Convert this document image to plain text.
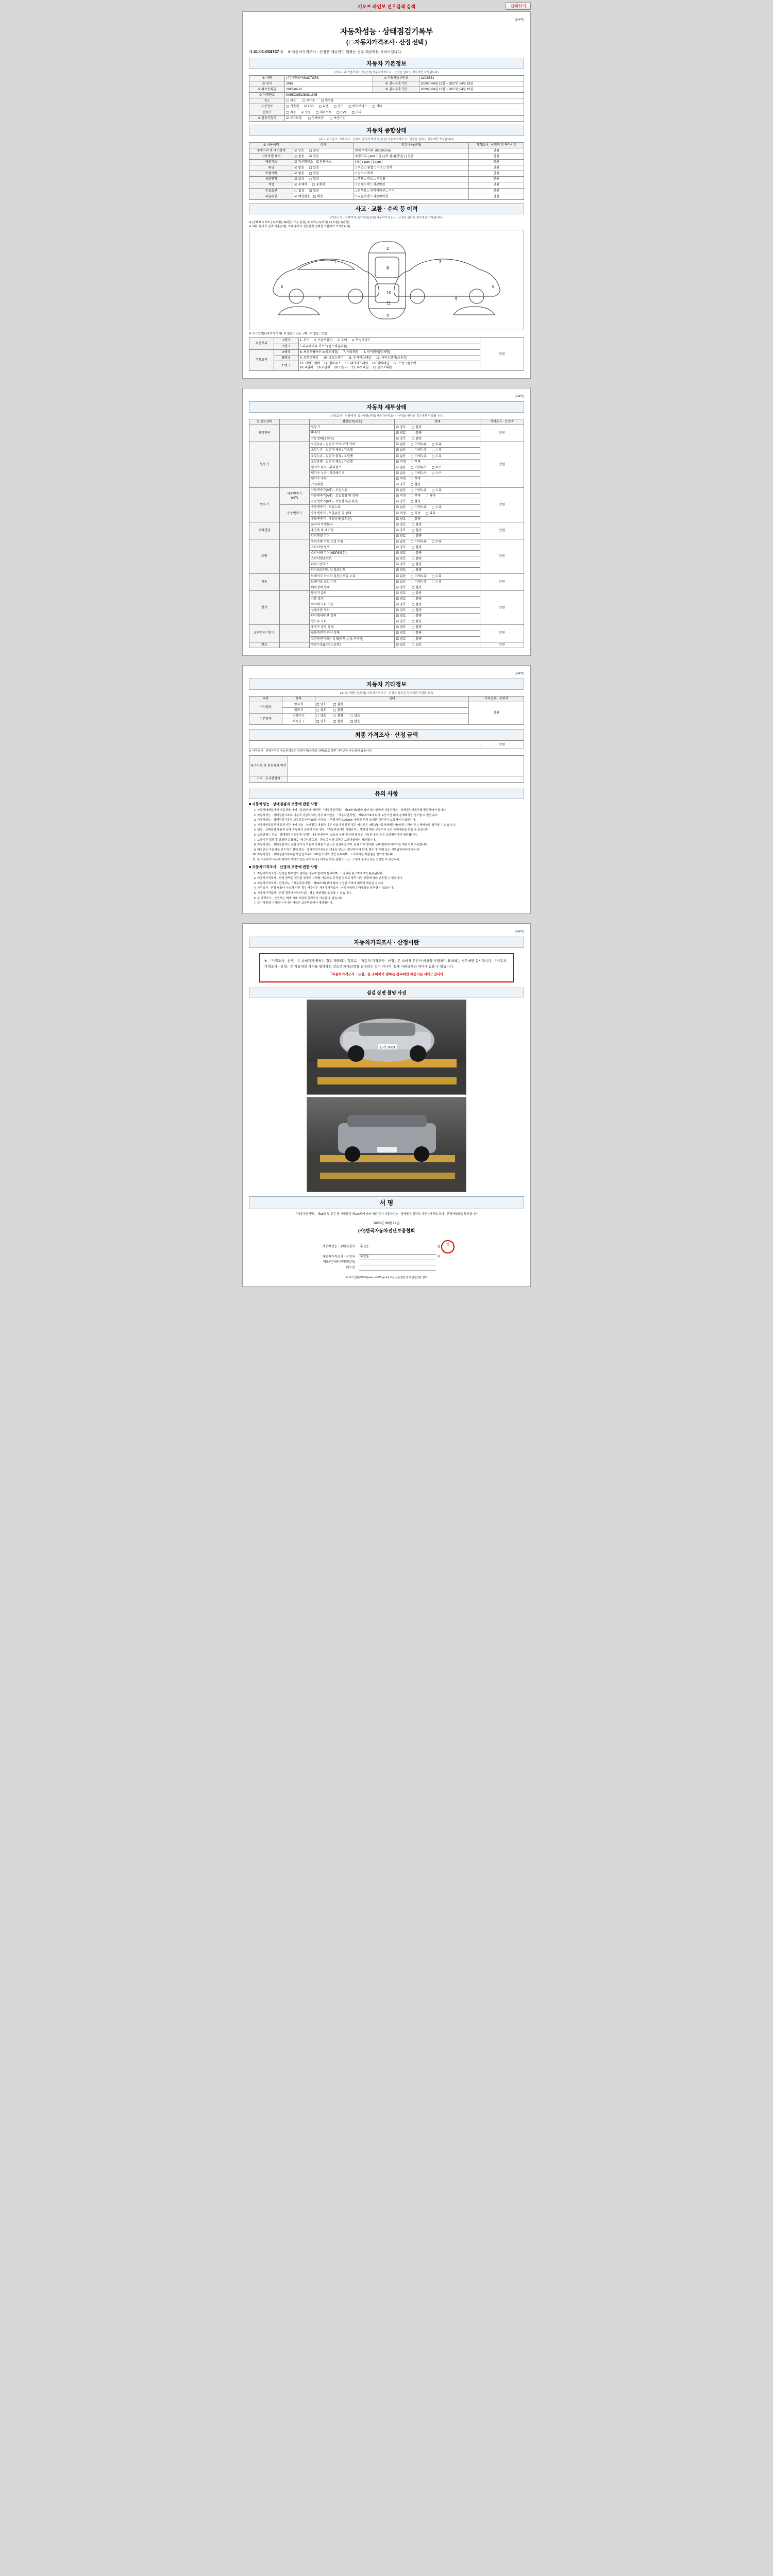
키오브 파인보 전우검색 검색	인쇄하기
(1/4쪽)
자동차성능 · 상태점검기록부
( □ 자동차가격조사 · 산정 선택 )
제 41-01-034747 호 ※ 자동차가격조사 · 산정은 매수인이 원하는 경우 제공하는 서비스입니다.
자동차 기본정보
(기록고와 기본가치표 등(산정) 자동차가격조사 · 산정을 원하신 경우에만 작성됩니다)
① 차명	(주)대한모터SMOTORS	② 자동차등록번호	11호98S1
③ 연식	2016	④ 검사유효기간	2020년 04월 13일 ~ 2027년 04월 13일
⑤ 최초등록일	2015-04-12	⑥ 검사유효기간	2020년 04월 13일 ~ 2027년 04월 13일
⑦ 차대번호	KMHXX851J8GU1945		
용도	□ 관용 □ 자가용 □ 영업용		
사용연료	□ 가솔린 ☑ LPG □ 디젤 □ 전기 □ 하이브리드 □ 기타		
변속기	□ 자동 ☑ 수동 □ 세미오토 □ CVT □ 기타		
⑩ 원동기형식	☑ 자가보증 □ 업체보증 □ 보증기간		
자동차 종합상태
(주요 주요골조, 기록고사 · 산정적 및 특가세당 등(산정) 자동차가격조사 · 산정을 원하신 경우에만 작성됩니다)
① 사용이력	상태	점검내용(상태)	가격조사 · 산정액 및 특가시선
주행거리 및 계기상태	☑ 양호 □ 불량	현재 주행거리 203,502 km	만원
자동주행 표시	□ 없음 ☑ 있음	주행거리 ( )km 미만 ( )회 검사(진단) ( ) 있음	만원
배출가스	☑ 일산화탄소 ☑ 탄화수소	( % ) ( ppm ) ( ppm )	만원
튜닝	☑ 없음 □ 있음	□ 적법 □ 불법 □ 구조 □ 장치	만원
특별이력	☑ 없음 □ 있음	□ 침수 □ 화재	만원
용도변경	☑ 없음 □ 있음	□ 렌트 □ 리스 □ 영업용	만원
색상	☑ 무채색 □ 유채색	□ 전체도색 □ 색상변경	만원
주요옵션	□ 없음 ☑ 있음	□ 썬루프 □ 내비게이션 □ 기타	만원
리콜대상	☑ 해당없음 □ 해당	□ 리콜이행 □ 리콜미이행	만원
사고 · 교환 · 수리 등 이력
(기록고사 · 산정액 및 특가세당(산정) 자동차가격조사 · 산정을 원하신 경우에만 작성됩니다)
※ (상태표시 부호 ) X(교환), W(판금 또는 용접), A(수리), C(부식), U(요철), T(손상)
※ 외판 및 주요 골격 기준(교환, 기타 추락시 성능판정 전체를 포함하여 표시합니다)
1
2
3
4
5	6
7
8
9
10
11
※ 사고이력(판정자의 사정): ☑ 없음 □ 있음 교환 : ☑ 없음 □ 있음
외판부위	1랭크	1. 후드 2. 프론트휀더 3. 도어 4. 트렁크리드	만원
	2랭크	5.라디에이터 서포트(볼트체결부품)	
주요골격	A랭크	6. 프론트휠하우스(볼트체결) 7. 카울패널 8. 리어휀더(일체형)	
	B랭크	9. 프론트패널 10. 크로스멤버 11. 인사이드패널 12. 사이드멤버(프론트)	
	C랭크	13. 사이드멤버 14. 휠하우스 15. 패키지트레이 16. 리어패널 17. 트렁크플로어
18. A필러 19. B필러 20. C필러 21. 루프패널 22. 플로어패널	
(2/4쪽)
자동차 세부상태
(기록고사 · 산정액 및 특가세당(산정) 자동차가격조사 · 산정을 원하신 경우에만 작성됩니다)
② 성능상태		점검항목(내용)	상태	가격조사 · 산정액
자기진단		원동기	☑ 양호 □ 불량	만원
		변속기	☑ 양호 □ 불량	
		작동상태(공회전)	☑ 양호 □ 불량	
원동기		오일누유 - 실린더 커버/로커 커버	☑ 없음 □ 미세누유 □ 누유	만원
		오일누유 - 실린더 헤드 / 가스켓	☑ 없음 □ 미세누유 □ 누유	
		오일누유 - 실린더 블록 / 오일팬	☑ 없음 □ 미세누유 □ 누유	
		오일유량 - 실린더 헤드 / 가스켓	☑ 적정 □ 부족	
		냉각수 누수 - 워터펌프	☑ 없음 □ 미세누수 □ 누수	
		냉각수 누수 - 라디에이터	☑ 없음 □ 미세누수 □ 누수	
		냉각수 수량	☑ 적정 □ 부족	
		커먼레일	☑ 양호 □ 불량	
변속기	자동변속기
(A/T)	자동변속기(A/T) - 오일누유	☑ 없음 □ 미세누유 □ 누유	만원
		자동변속기(A/T) - 오일유량 및 상태	☑ 적정 □ 부족 □ 과다	
		자동변속기(A/T) - 작동상태(공회전)	☑ 양호 □ 불량	
	수동변속기	수동변속기 - 오일누유	☑ 없음 □ 미세누유 □ 누유	
		수동변속기 - 오일유량 및 상태	☑ 적정 □ 부족 □ 과다	
		수동변속기 - 작동상태(공회전)	☑ 양호 □ 불량	
동력전달		클러치 어셈블리	☑ 양호 □ 불량	만원
		추진축 및 베어링	☑ 양호 □ 불량	
		디퍼렌셜 기어	☑ 양호 □ 불량	
조향		동력조향 작동 오일 누유	☑ 없음 □ 미세누유 □ 누유	만원
		스티어링 펌프	☑ 양호 □ 불량	
		스티어링 기어(MDPS포함)	☑ 양호 □ 불량	
		스티어링조인트	☑ 양호 □ 불량	
		파워고압호스	☑ 양호 □ 불량	
		타이로드엔드 및 볼조인트	☑ 양호 □ 불량	
제동		브레이크 마스터 실린더오일 누유	☑ 없음 □ 미세누유 □ 누유	만원
		브레이크 오일 누유	☑ 없음 □ 미세누유 □ 누유	
		배력장치 상태	☑ 양호 □ 불량	
전기		발전기 출력	☑ 양호 □ 불량	만원
		시동 모터	☑ 양호 □ 불량	
		와이퍼 모터 기능	☑ 양호 □ 불량	
		실내송풍 모터	☑ 양호 □ 불량	
		라디에이터 팬 모터	☑ 양호 □ 불량	
		윈도우 모터	☑ 양호 □ 불량	
고전원전기장치		충전구 절연 상태	☑ 양호 □ 불량	만원
		구동축전지 격리 상태	☑ 양호 □ 불량	
		고전원전기배선 상태(피복,손상,커넥터)	☑ 양호 □ 불량	
연료		연료누출(LP가스포함)	☑ 없음 □ 있음	만원
(3/4쪽)
자동차 기타정보
(③ 특가세당 등(산정) 자동차가격조사 · 산정을 원하신 경우에만 작성됩니다)
구분	항목	상태	가격조사 · 산정액
수리필요	앞좌석	□ 양호 □ 불량	만원
	뒷좌석	□ 양호 □ 불량	
기본품목	방향지시	□ 양호 □ 불량 □ 없음	
	부속공구	□ 양호 □ 불량 □ 없음	
최종 가격조사 · 산정 금액
	만원
※ 가격조사 · 산정가격은 성능점검일의 차량가격(차량을 상태)으로 향후 가격변동 가능성이 있습니다.
특기사항 및 점검자의 의견	
가격 · 조사산정자	
유의 사항
■ 자동차성능 · 상태점검자 보증에 관한 사항
1. 자동차매매업자가 자동차를 매매 · 알선(중개)하려면 「자동차관리법」 제58조제1항에 따라 매수인에게 자동차성능 · 상태점검기록부를 발급하여야 합니다.
2. 자동차성능 · 상태점검기록부 내용의 사실과 다른 경우 매수인은 「자동차관리법」 제58조의4에 따라 보증기간 내에 손해배상을 청구할 수 있습니다.
3. 자동차성능 · 상태점검기록부 교부일로부터 30일 이내 또는 주행거리 2,000km 이내 중 먼저 도래한 기간까지 보증책임이 있습니다.
4. 자동차인도일부터 보증기간 내에 성능 · 상태점검 내용과 다른 사실이 발견된 경우 매수인은 매도인(자동차매매업자)에게 수리비 등 손해배상을 청구할 수 있습니다.
5. 성능 · 상태점검 내용과 실제 자동차의 상태가 다른 경우 「자동차관리법 시행규칙」 별표에 따라 보증수리 또는 손해배상을 받을 수 있습니다.
6. 보증범위는 성능 · 상태점검기록부에 기재된 내용에 한하며, 소모성 부품 및 외관상 확인 가능한 흠집 등은 보증범위에서 제외됩니다.
7. 보증기간 경과 후 발생한 고장 또는 매수인의 고의 · 과실로 인한 고장은 보증대상에서 제외됩니다.
8. 자동차성능 · 상태점검자는 점검 당시의 자동차 상태를 기준으로 점검하였으며, 점검 이후 발생한 상태 변화에 대하여는 책임지지 아니합니다.
9. 매수인은 자동차를 인수하기 전에 성능 · 상태점검기록부의 내용을 반드시 확인하여야 하며, 확인 후 서명 또는 기명날인하여야 합니다.
10. 자동차성능 · 상태점검기록부는 발급일로부터 120일 이내의 것만 유효하며, 그 이후에는 재점검을 받아야 합니다.
11. 본 기록부의 내용에 대하여 이의가 있는 경우 한국소비자원 또는 관할 시 · 군 · 구청에 분쟁조정을 신청할 수 있습니다.
■ 자동차가격조사 · 산정자 보증에 관한 사항
1. 자동차가격조사 · 산정은 매수인이 원하는 경우에 한하여 실시하며, 그 결과는 참고자료로만 활용됩니다.
2. 자동차가격조사 · 산정 금액은 점검일 현재의 시세를 기준으로 산정한 것으로 향후 시장 상황에 따라 변동될 수 있습니다.
3. 자동차가격조사 · 산정자는 「자동차관리법」 제58조제4항에 따라 산정한 가격에 대하여 책임을 집니다.
4. 가격조사 · 산정 내용이 사실과 다른 경우 매수인은 자동차가격조사 · 산정자에게 손해배상을 청구할 수 있습니다.
5. 자동차가격조사 · 산정 결과에 이의가 있는 경우 재산정을 요청할 수 있습니다.
6. 본 가격조사 · 산정서는 매매 거래 이외의 목적으로 사용할 수 없습니다.
7. 특기사항에 기재되지 아니한 사항은 보증범위에서 제외됩니다.
(4/4쪽)
자동차가격조사 · 산정이란
※ 「가격조사 · 산정」은 소비자가 원하는 경우 제공되는 것으로 「자동차 가격조사 · 산정」은 소비자 본인이 비용을 부담하여 요청하는 경우에만 실시됩니다. 「자동차가격조사 · 산정」은 자동차의 가치를 평가하는 것으로 매매금액을 결정하는 것이 아니며, 실제 거래금액과 차이가 있을 수 있습니다.
「자동차가격조사 · 산정」은 소비자가 원하는 경우에만 제공되는 서비스입니다.
점검 장면 촬영 사진
11가 9851
서 명
「자동차관리법」 제58조 및 같은 법 시행규칙 제120조에 따라 위와 같이 자동차성능 · 상태를 점검하고 자동차가격을 조사 · 산정하였음을 확인합니다.
2025년 09월 12일
(사)한국자동차진단보증협회
자동차성능 · 상태점검자	홍길동	인 인
자동차가격조사 · 산정자	홍길동	인
매도인(자동차매매업자)		
매수인		
※ 자기 진단(SDO)(www.car365.go.kr) 또는 성능점검 결과 민원상담 번호
